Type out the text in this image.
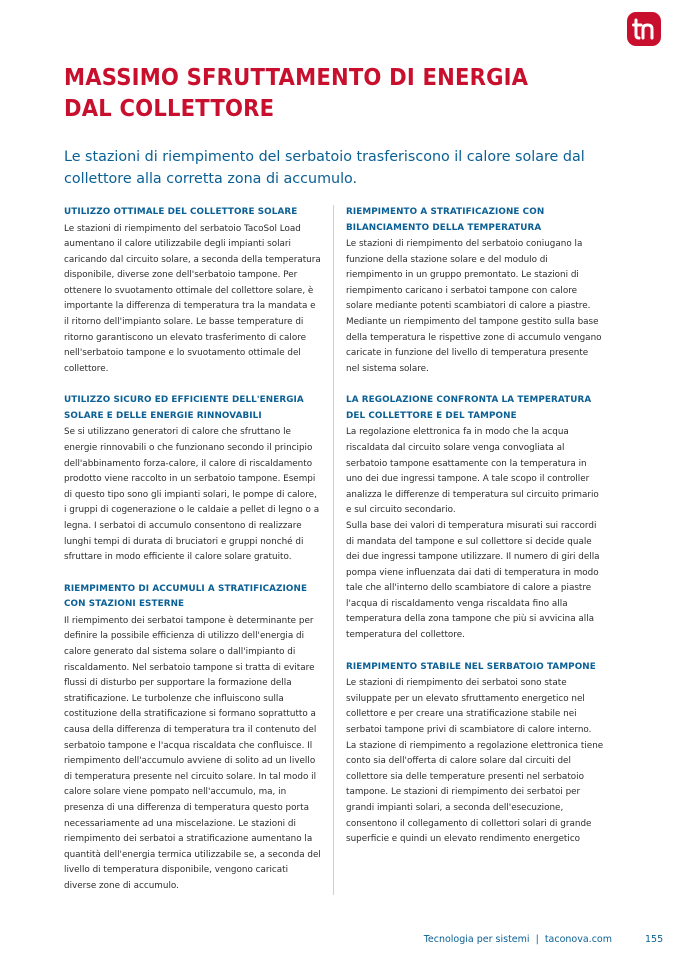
MASSIMO SFRUTTAMENTO DI ENERGIA DAL COLLETTORE

Le stazioni di riempimento del serbatoio trasferiscono il calore solare dal collettore alla corretta zona di accumulo.

UTILIZZO OTTIMALE DEL COLLETTORE SOLARE

Le stazioni di riempimento del serbatoio TacoSol Load aumentano il calore utilizzabile degli impianti solari caricando dal circuito solare, a seconda della temperatura disponibile, diverse zone dell'serbatoio tampone. Per ottenere lo svuotamento ottimale del collettore solare, è importante la differenza di temperatura tra la mandata e il ritorno dell'impianto solare. Le basse temperature di ritorno garantiscono un elevato trasferimento di calore nell'serbatoio tampone e lo svuotamento ottimale del collettore.

UTILIZZO SICURO ED EFFICIENTE DELL'ENERGIA SOLARE E DELLE ENERGIE RINNOVABILI

Se si utilizzano generatori di calore che sfruttano le energie rinnovabili o che funzionano secondo il principio dell'abbinamento forza-calore, il calore di riscaldamento prodotto viene raccolto in un serbatoio tampone. Esempi di questo tipo sono gli impianti solari, le pompe di calore, i gruppi di cogenerazione o le caldaie a pellet di legno o a legna. I serbatoi di accumulo consentono di realizzare lunghi tempi di durata di bruciatori e gruppi nonché di sfruttare in modo efficiente il calore solare gratuito.

RIEMPIMENTO DI ACCUMULI A STRATIFICAZIONE CON STAZIONI ESTERNE

Il riempimento dei serbatoi tampone è determinante per definire la possibile efficienza di utilizzo dell'energia di calore generato dal sistema solare o dall'impianto di riscaldamento. Nel serbatoio tampone si tratta di evitare flussi di disturbo per supportare la formazione della stratificazione. Le turbolenze che influiscono sulla costituzione della stratificazione si formano soprattutto a causa della differenza di temperatura tra il contenuto del serbatoio tampone e l'acqua riscaldata che confluisce. Il riempimento dell'accumulo avviene di solito ad un livello di temperatura presente nel circuito solare. In tal modo il calore solare viene pompato nell'accumulo, ma, in presenza di una differenza di temperatura questo porta necessariamente ad una miscelazione. Le stazioni di riempimento dei serbatoi a stratificazione aumentano la quantità dell'energia termica utilizzabile se, a seconda del livello di temperatura disponibile, vengono caricati diverse zone di accumulo.

RIEMPIMENTO A STRATIFICAZIONE CON BILANCIAMENTO DELLA TEMPERATURA

Le stazioni di riempimento del serbatoio coniugano la funzione della stazione solare e del modulo di riempimento in un gruppo premontato. Le stazioni di riempimento caricano i serbatoi tampone con calore solare mediante potenti scambiatori di calore a piastre. Mediante un riempimento del tampone gestito sulla base della temperatura le rispettive zone di accumulo vengano caricate in funzione del livello di temperatura presente nel sistema solare.

LA REGOLAZIONE CONFRONTA LA TEMPERATURA DEL COLLETTORE E DEL TAMPONE

La regolazione elettronica fa in modo che la acqua riscaldata dal circuito solare venga convogliata al serbatoio tampone esattamente con la temperatura in uno dei due ingressi tampone. A tale scopo il controller analizza le differenze di temperatura sul circuito primario e sul circuito secondario.
Sulla base dei valori di temperatura misurati sui raccordi di mandata del tampone e sul collettore si decide quale dei due ingressi tampone utilizzare. Il numero di giri della pompa viene influenzata dai dati di temperatura in modo tale che all'interno dello scambiatore di calore a piastre l'acqua di riscaldamento venga riscaldata fino alla temperatura della zona tampone che più si avvicina alla temperatura del collettore.

RIEMPIMENTO STABILE NEL SERBATOIO TAMPONE

Le stazioni di riempimento dei serbatoi sono state sviluppate per un elevato sfruttamento energetico nel collettore e per creare una stratificazione stabile nei serbatoi tampone privi di scambiatore di calore interno.
La stazione di riempimento a regolazione elettronica tiene conto sia dell'offerta di calore solare dal circuiti del collettore sia delle temperature presenti nel serbatoio tampone. Le stazioni di riempimento dei serbatoi per grandi impianti solari, a seconda dell'esecuzione, consentono il collegamento di collettori solari di grande superficie e quindi un elevato rendimento energetico

Tecnologia per sistemi  |  taconova.com	155
